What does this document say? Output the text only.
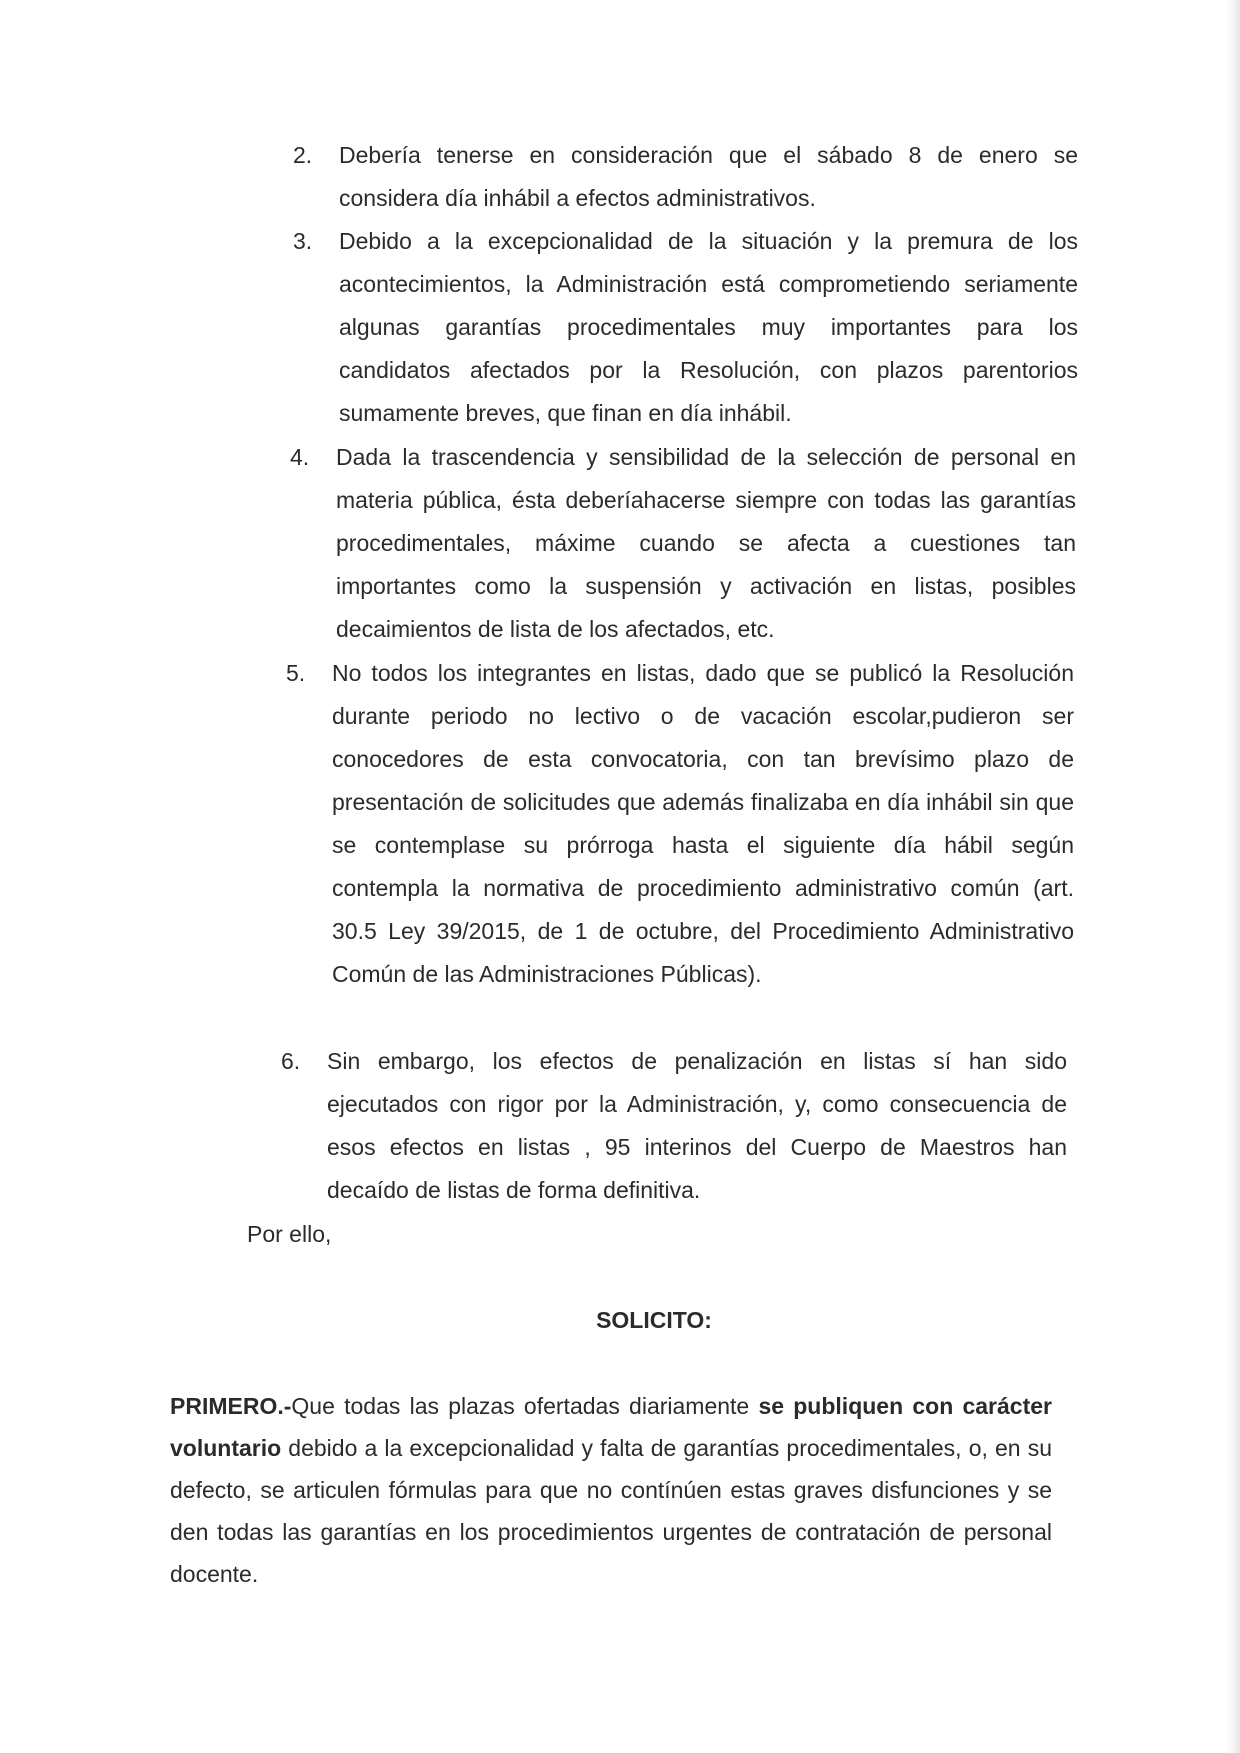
2.	Debería tenerse en consideración que el sábado 8 de enero se considera día inhábil a efectos administrativos.
3.	Debido a la excepcionalidad de la situación y la premura de los acontecimientos, la Administración está comprometiendo seriamente algunas garantías procedimentales muy importantes para los candidatos afectados por la Resolución, con plazos parentorios sumamente breves, que finan en día inhábil.
4.	Dada la trascendencia y sensibilidad de la selección de personal en materia pública, ésta deberíahacerse siempre con todas las garantías procedimentales, máxime cuando se afecta a cuestiones tan importantes como la suspensión y activación en listas, posibles decaimientos de lista de los afectados, etc.
5.	No todos los integrantes en listas, dado que se publicó la Resolución durante periodo no lectivo o de vacación escolar,pudieron ser conocedores de esta convocatoria, con tan brevísimo plazo de presentación de solicitudes que además finalizaba en día inhábil sin que se contemplase su prórroga hasta el siguiente día hábil según contempla la normativa de procedimiento administrativo común (art. 30.5 Ley 39/2015, de 1 de octubre, del Procedimiento Administrativo Común de las Administraciones Públicas).
6.	Sin embargo, los efectos de penalización en listas sí han sido ejecutados con rigor por la Administración, y, como consecuencia de esos efectos en listas , 95 interinos del Cuerpo de Maestros han decaído de listas de forma definitiva.
Por ello,
SOLICITO:
PRIMERO.-Que todas las plazas ofertadas diariamente se publiquen con carácter voluntario debido a la excepcionalidad y falta de garantías procedimentales, o, en su defecto, se articulen fórmulas para que no contínúen estas graves disfunciones y se den todas las garantías en los procedimientos urgentes de contratación de personal docente.
